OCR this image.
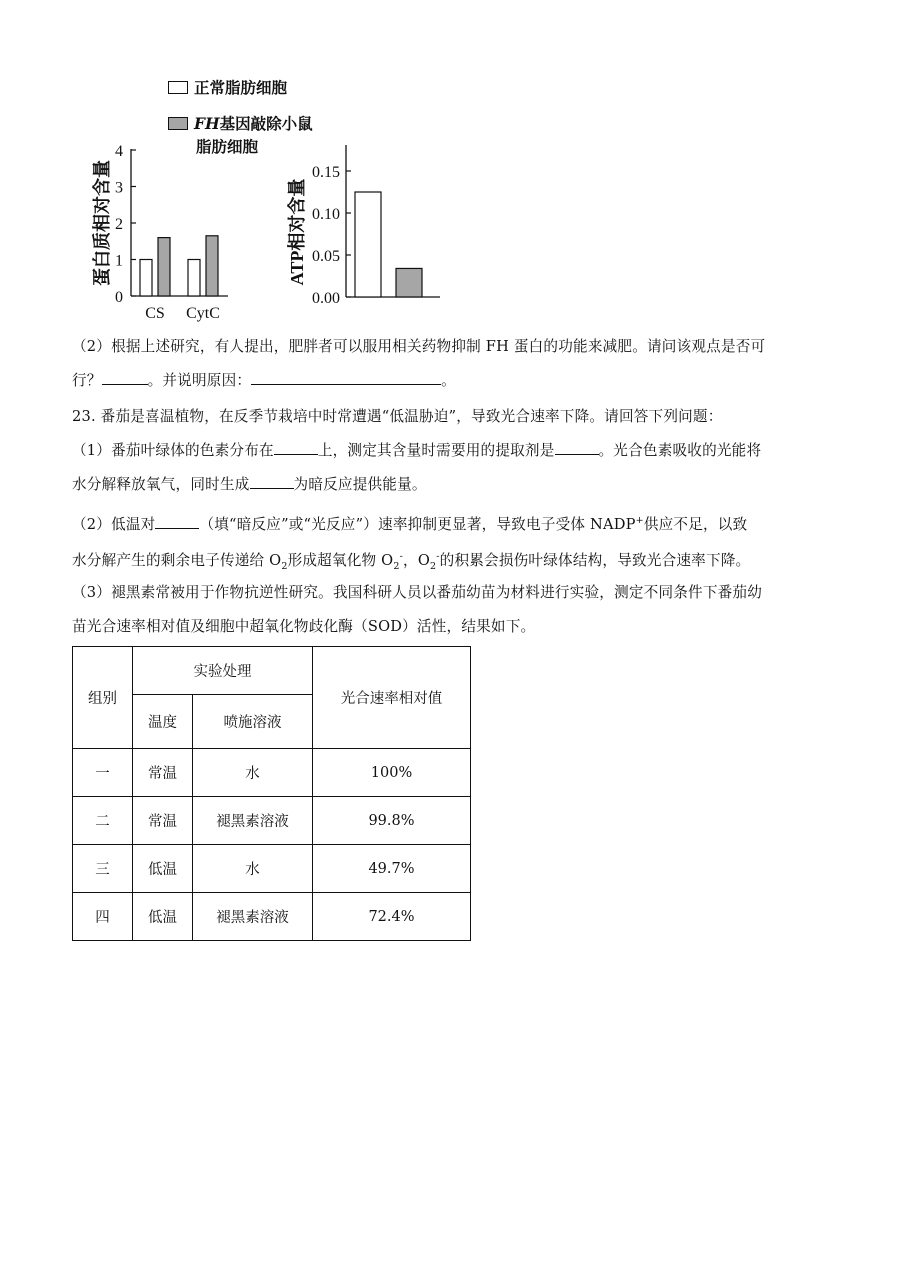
正常脂肪细胞
FH 基因敲除小鼠
脂肪细胞
0
1
2
3
4
CS CytC
蛋白质相对含量
0.00
0.05
0.10
0.15
ATP相对含量
（2）根据上述研究，有人提出，肥胖者可以服用相关药物抑制 FH 蛋白的功能来减肥。请问该观点是否可
行？	。并说明原因：	。
23. 番茄是喜温植物，在反季节栽培中时常遭遇“低温胁迫”，导致光合速率下降。请回答下列问题：
（1）番茄叶绿体的色素分布在	上，测定其含量时需要用的提取剂是	。光合色素吸收的光能将
水分解释放氧气，同时生成	为暗反应提供能量。
（2）低温对	（填“暗反应”或“光反应”）速率抑制更显著，导致电子受体 NADP+供应不足，以致
水分解产生的剩余电子传递给 $O_2$形成超氧化物 $O_2^-$，$O_2^-$的积累会损伤叶绿体结构，导致光合速率下降。
（3）褪黑素常被用于作物抗逆性研究。我国科研人员以番茄幼苗为材料进行实验，测定不同条件下番茄幼
苗光合速率相对值及细胞中超氧化物歧化酶（SOD）活性，结果如下。
组别	实验处理		光合速率相对值
	温度	喷施溶液	
一	常温	水	100%
二	常温	褪黑素溶液	99.8%
三	低温	水	49.7%
四	低温	褪黑素溶液	72.4%
